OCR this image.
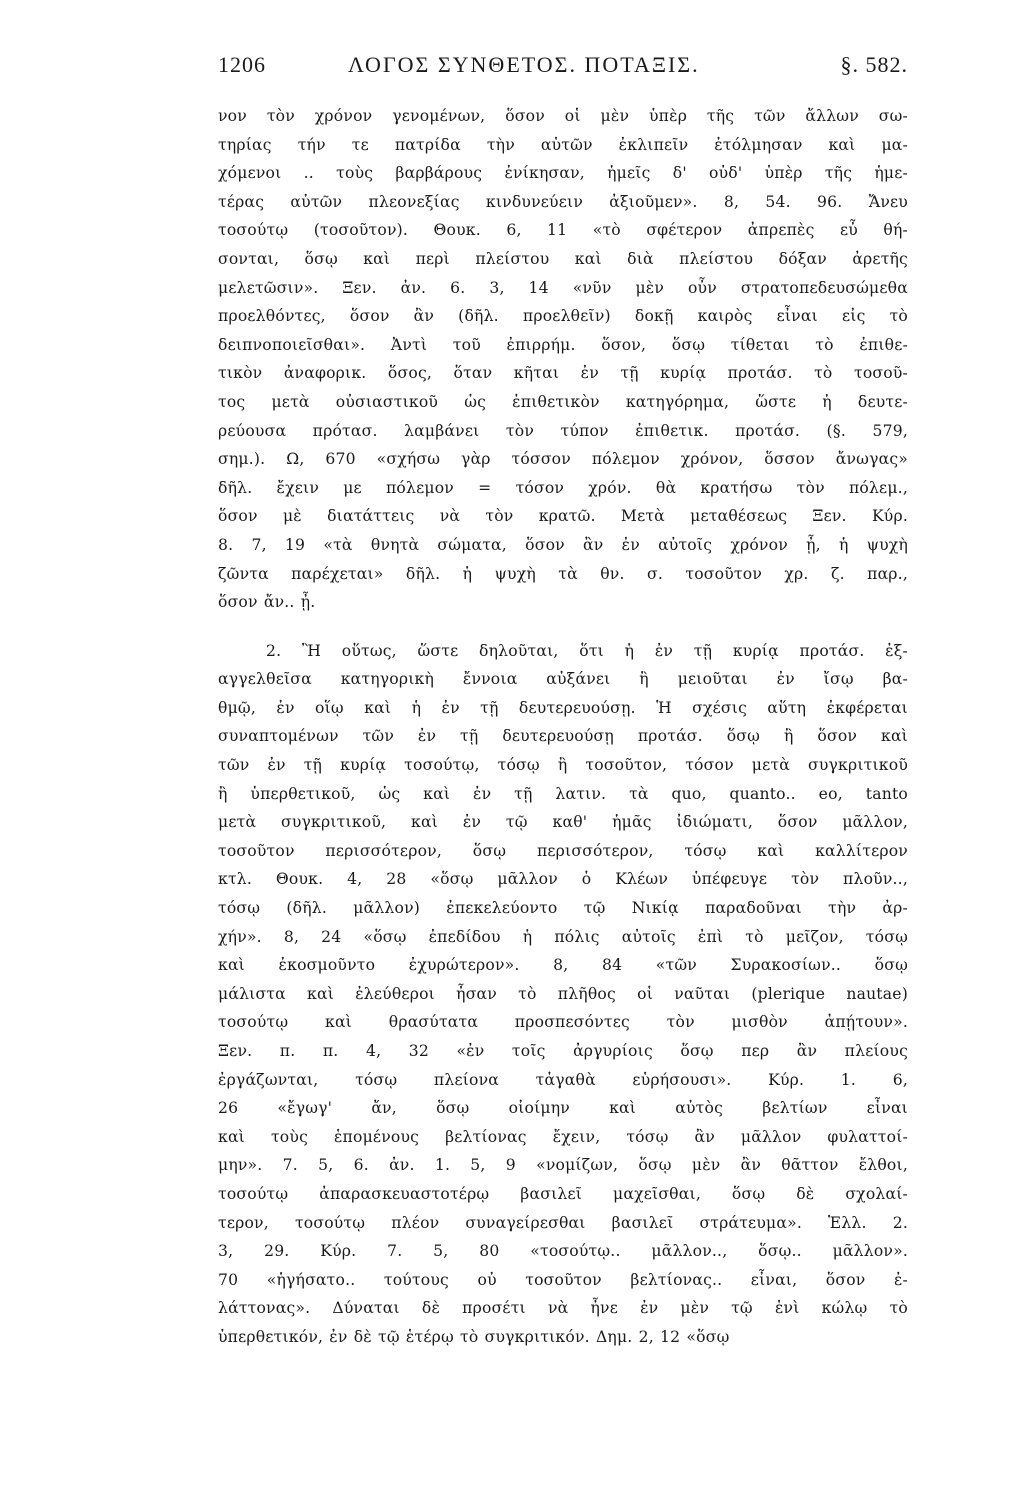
1206	ΛΟΓΟΣ ΣΥΝΘΕΤΟΣ. ΠΟΤΑΞΙΣ.	§. 582.
νον τὸν χρόνον γενομένων, ὅσον οἱ μὲν ὑπὲρ τῆς τῶν ἄλλων σω-
τηρίας τήν τε πατρίδα τὴν αὑτῶν ἐκλιπεῖν ἐτόλμησαν καὶ μα-
χόμενοι .. τοὺς βαρβάρους ἐνίκησαν, ἡμεῖς δ' οὐδ' ὑπὲρ τῆς ἡμε-
τέρας αὐτῶν πλεονεξίας κινδυνεύειν ἀξιοῦμεν». 8, 54. 96. Ἄνευ
τοσούτῳ (τοσοῦτον). Θουκ. 6, 11 «τὸ σφέτερον ἀπρεπὲς εὖ θή-
σονται, ὅσῳ καὶ περὶ πλείστου καὶ διὰ πλείστου δόξαν ἀρετῆς
μελετῶσιν». Ξεν. ἀν. 6. 3, 14 «νῦν μὲν οὖν στρατοπεδευσώμεθα
προελθόντες, ὅσον ἂν (δῆλ. προελθεῖν) δοκῇ καιρὸς εἶναι εἰς τὸ
δειπνοποιεῖσθαι». Ἀντὶ τοῦ ἐπιρρήμ. ὅσον, ὅσῳ τίθεται τὸ ἐπιθε-
τικὸν ἀναφορικ. ὅσος, ὅταν κῆται ἐν τῇ κυρίᾳ προτάσ. τὸ τοσοῦ-
τος μετὰ οὐσιαστικοῦ ὡς ἐπιθετικὸν κατηγόρημα, ὥστε ἡ δευτε-
ρεύουσα πρότασ. λαμβάνει τὸν τύπον ἐπιθετικ. προτάσ. (§. 579,
σημ.). Ω, 670 «σχήσω γὰρ τόσσον πόλεμον χρόνον, ὅσσον ἄνωγας»
δῆλ. ἔχειν με πόλεμον = τόσον χρόν. θὰ κρατήσω τὸν πόλεμ.,
ὅσον μὲ διατάττεις νὰ τὸν κρατῶ. Μετὰ μεταθέσεως Ξεν. Κύρ.
8. 7, 19 «τὰ θνητὰ σώματα, ὅσον ἂν ἐν αὐτοῖς χρόνον ᾖ, ἡ ψυχὴ
ζῶντα παρέχεται» δῆλ. ἡ ψυχὴ τὰ θν. σ. τοσοῦτον χρ. ζ. παρ.,
ὅσον ἄν.. ᾖ.
2. Ἢ οὕτως, ὥστε δηλοῦται, ὅτι ἡ ἐν τῇ κυρίᾳ προτάσ. ἐξ-
αγγελθεῖσα κατηγορικὴ ἔννοια αὐξάνει ἢ μειοῦται ἐν ἴσῳ βα-
θμῷ, ἐν οἵῳ καὶ ἡ ἐν τῇ δευτερευούσῃ. Ἡ σχέσις αὕτη ἐκφέρεται
συναπτομένων τῶν ἐν τῇ δευτερευούσῃ προτάσ. ὅσῳ ἢ ὅσον καὶ
τῶν ἐν τῇ κυρίᾳ τοσούτῳ, τόσῳ ἢ τοσοῦτον, τόσον μετὰ συγκριτικοῦ
ἢ ὑπερθετικοῦ, ὡς καὶ ἐν τῇ λατιν. τὰ quo, quanto.. eo, tanto
μετὰ συγκριτικοῦ, καὶ ἐν τῷ καθ' ἡμᾶς ἰδιώματι, ὅσον μᾶλλον,
τοσοῦτον περισσότερον, ὅσῳ περισσότερον, τόσῳ καὶ καλλίτερον
κτλ. Θουκ. 4, 28 «ὅσῳ μᾶλλον ὁ Κλέων ὑπέφευγε τὸν πλοῦν..,
τόσῳ (δῆλ. μᾶλλον) ἐπεκελεύοντο τῷ Νικίᾳ παραδοῦναι τὴν ἀρ-
χήν». 8, 24 «ὅσῳ ἐπεδίδου ἡ πόλις αὐτοῖς ἐπὶ τὸ μεῖζον, τόσῳ
καὶ ἐκοσμοῦντο ἐχυρώτερον». 8, 84 «τῶν Συρακοσίων.. ὅσῳ
μάλιστα καὶ ἐλεύθεροι ἦσαν τὸ πλῆθος οἱ ναῦται (plerique nautae)
τοσούτῳ καὶ θρασύτατα προσπεσόντες τὸν μισθὸν ἀπῄτουν».
Ξεν. π. π. 4, 32 «ἐν τοῖς ἀργυρίοις ὅσῳ περ ἂν πλείους
ἐργάζωνται, τόσῳ πλείονα τἀγαθὰ εὑρήσουσι». Κύρ. 1. 6,
26 «ἔγωγ' ἄν, ὅσῳ οἰοίμην καὶ αὐτὸς βελτίων εἶναι
καὶ τοὺς ἑπομένους βελτίονας ἔχειν, τόσῳ ἂν μᾶλλον φυλαττοί-
μην». 7. 5, 6. ἀν. 1. 5, 9 «νομίζων, ὅσῳ μὲν ἂν θᾶττον ἔλθοι,
τοσούτῳ ἀπαρασκευαστοτέρῳ βασιλεῖ μαχεῖσθαι, ὅσῳ δὲ σχολαί-
τερον, τοσούτῳ πλέον συναγείρεσθαι βασιλεῖ στράτευμα». Ἑλλ. 2.
3, 29. Κύρ. 7. 5, 80 «τοσούτῳ.. μᾶλλον.., ὅσῳ.. μᾶλλον».
70 «ἡγήσατο.. τούτους οὐ τοσοῦτον βελτίονας.. εἶναι, ὅσον ἐ-
λάττονας». Δύναται δὲ προσέτι νὰ ἦνε ἐν μὲν τῷ ἑνὶ κώλῳ τὸ
ὑπερθετικόν, ἐν δὲ τῷ ἑτέρῳ τὸ συγκριτικόν. Δημ. 2, 12 «ὅσῳ
